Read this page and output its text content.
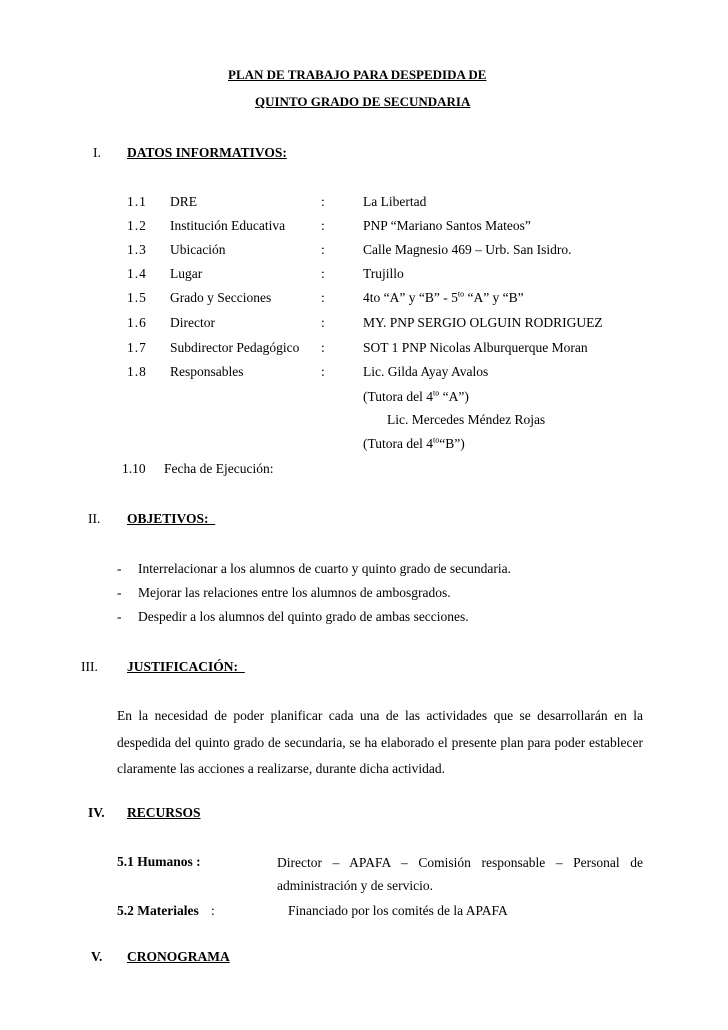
PLAN DE TRABAJO PARA DESPEDIDA DE
QUINTO GRADO DE SECUNDARIA
I. DATOS INFORMATIVOS:
1.1 DRE	:	La Libertad
1.2 Institución Educativa	:	PNP “Mariano Santos Mateos”
1.3 Ubicación	:	Calle Magnesio 469 – Urb. San Isidro.
1.4 Lugar	:	Trujillo
1.5 Grado y Secciones	:	4to “A” y “B” - $5^{to}$ “A” y “B”
1.6 Director	:	MY. PNP SERGIO OLGUIN RODRIGUEZ
1.7 Subdirector Pedagógico :	SOT 1 PNP Nicolas Alburquerque Moran
1.8 Responsables	:	Lic. Gilda Ayay Avalos
(Tutora del $4^{to}$ “A”)
Lic. Mercedes Méndez Rojas
(Tutora del $4^{to}“B$”)
1.10 Fecha de Ejecución:
II. OBJETIVOS:
- Interrelacionar a los alumnos de cuarto y quinto grado de secundaria.
- Mejorar las relaciones entre los alumnos de ambosgrados.
- Despedir a los alumnos del quinto grado de ambas secciones.
III. JUSTIFICACIÓN:
En la necesidad de poder planificar cada una de las actividades que se desarrollarán en la despedida del quinto grado de secundaria, se ha elaborado el presente plan para poder establecer claramente las acciones a realizarse, durante dicha actividad.
IV. RECURSOS
5.1 Humanos :	Director – APAFA – Comisión responsable – Personal de administración y de servicio.
5.2 Materiales :	Financiado por los comités de la APAFA
V. CRONOGRAMA
